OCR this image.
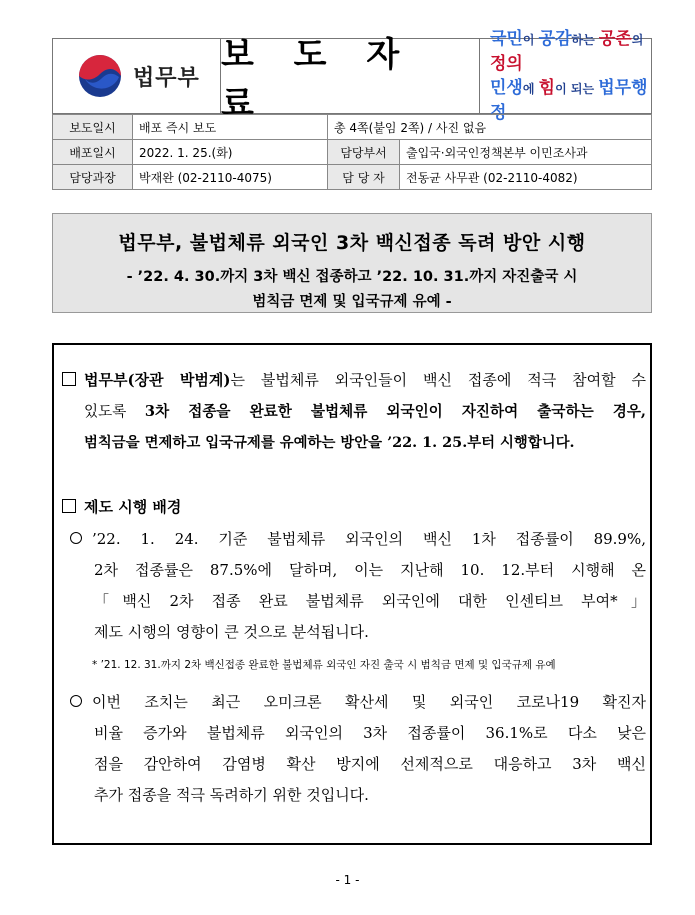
법무부
보 도 자 료
국민이 공감하는 공존의 정의
민생에 힘이 되는 법무행정
보도일시	배포 즉시 보도	총 4쪽(붙임 2쪽) / 사진 없음	
배포일시	2022. 1. 25.(화)	담당부서	출입국·외국인정책본부 이민조사과
담당과장	박재완 (02-2110-4075)	담 당 자	전동균 사무관 (02-2110-4082)
법무부, 불법체류 외국인 3차 백신접종 독려 방안 시행
- ’22. 4. 30.까지 3차 백신 접종하고 ’22. 10. 31.까지 자진출국 시
범칙금 면제 및 입국규제 유예 -
법무부(장관 박범계)는 불법체류 외국인들이 백신 접종에 적극 참여할 수
있도록 3차 접종을 완료한 불법체류 외국인이 자진하여 출국하는 경우,
범칙금을 면제하고 입국규제를 유예하는 방안을 ’22. 1. 25.부터 시행합니다.
제도 시행 배경
’22. 1. 24. 기준 불법체류 외국인의 백신 1차 접종률이 89.9%,
2차 접종률은 87.5%에 달하며, 이는 지난해 10. 12.부터 시행해 온
「백신 2차 접종 완료 불법체류 외국인에 대한 인센티브 부여*」
제도 시행의 영향이 큰 것으로 분석됩니다.
* ’21. 12. 31.까지 2차 백신접종 완료한 불법체류 외국인 자진 출국 시 범칙금 면제 및 입국규제 유예
이번 조치는 최근 오미크론 확산세 및 외국인 코로나19 확진자
비율 증가와 불법체류 외국인의 3차 접종률이 36.1%로 다소 낮은
점을 감안하여 감염병 확산 방지에 선제적으로 대응하고 3차 백신
추가 접종을 적극 독려하기 위한 것입니다.
- 1 -
